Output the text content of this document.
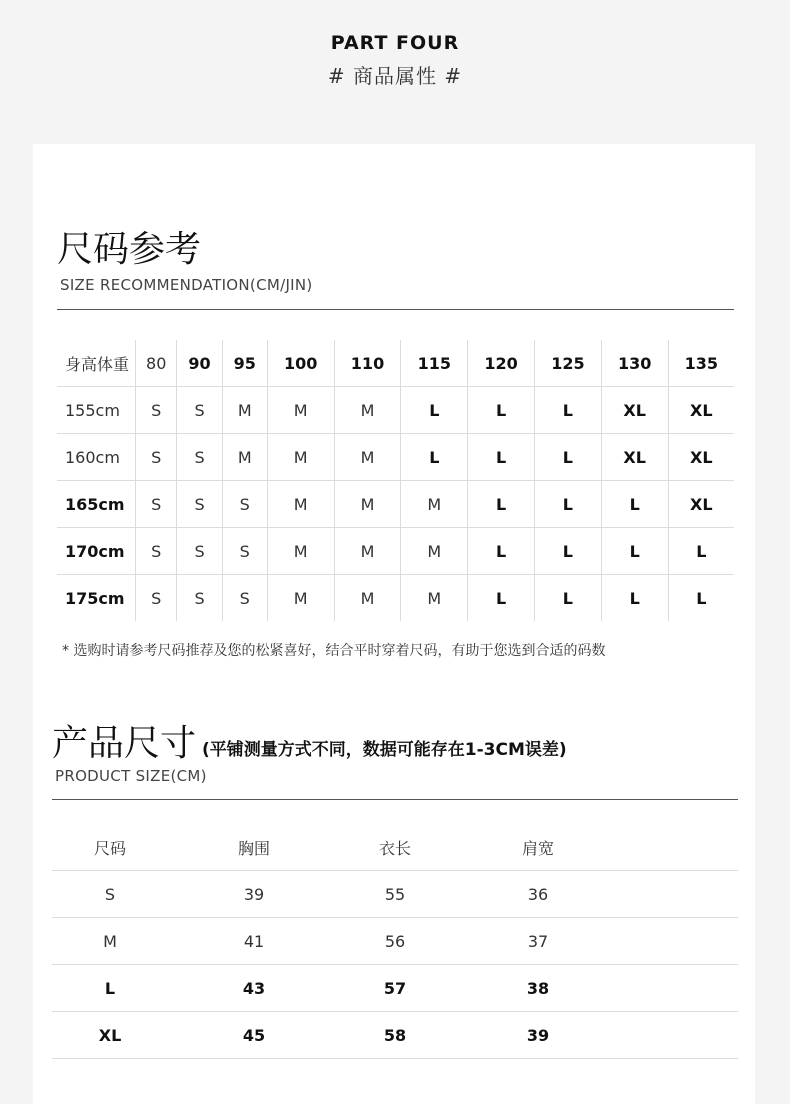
PART FOUR
# 商品属性 #
尺码参考
SIZE RECOMMENDATION(CM/JIN)
身高体重	80	90	95	100	110	115	120	125	130	135
155cm	S	S	M	M	M	L	L	L	XL	XL
160cm	S	S	M	M	M	L	L	L	XL	XL
165cm	S	S	S	M	M	M	L	L	L	XL
170cm	S	S	S	M	M	M	L	L	L	L
175cm	S	S	S	M	M	M	L	L	L	L
* 选购时请参考尺码推荐及您的松紧喜好，结合平时穿着尺码，有助于您选到合适的码数
产品尺寸 (平铺测量方式不同，数据可能存在1-3CM误差)
PRODUCT SIZE(CM)
尺码	胸围	衣长	肩宽	
S	39	55	36	
M	41	56	37	
L	43	57	38	
XL	45	58	39	
